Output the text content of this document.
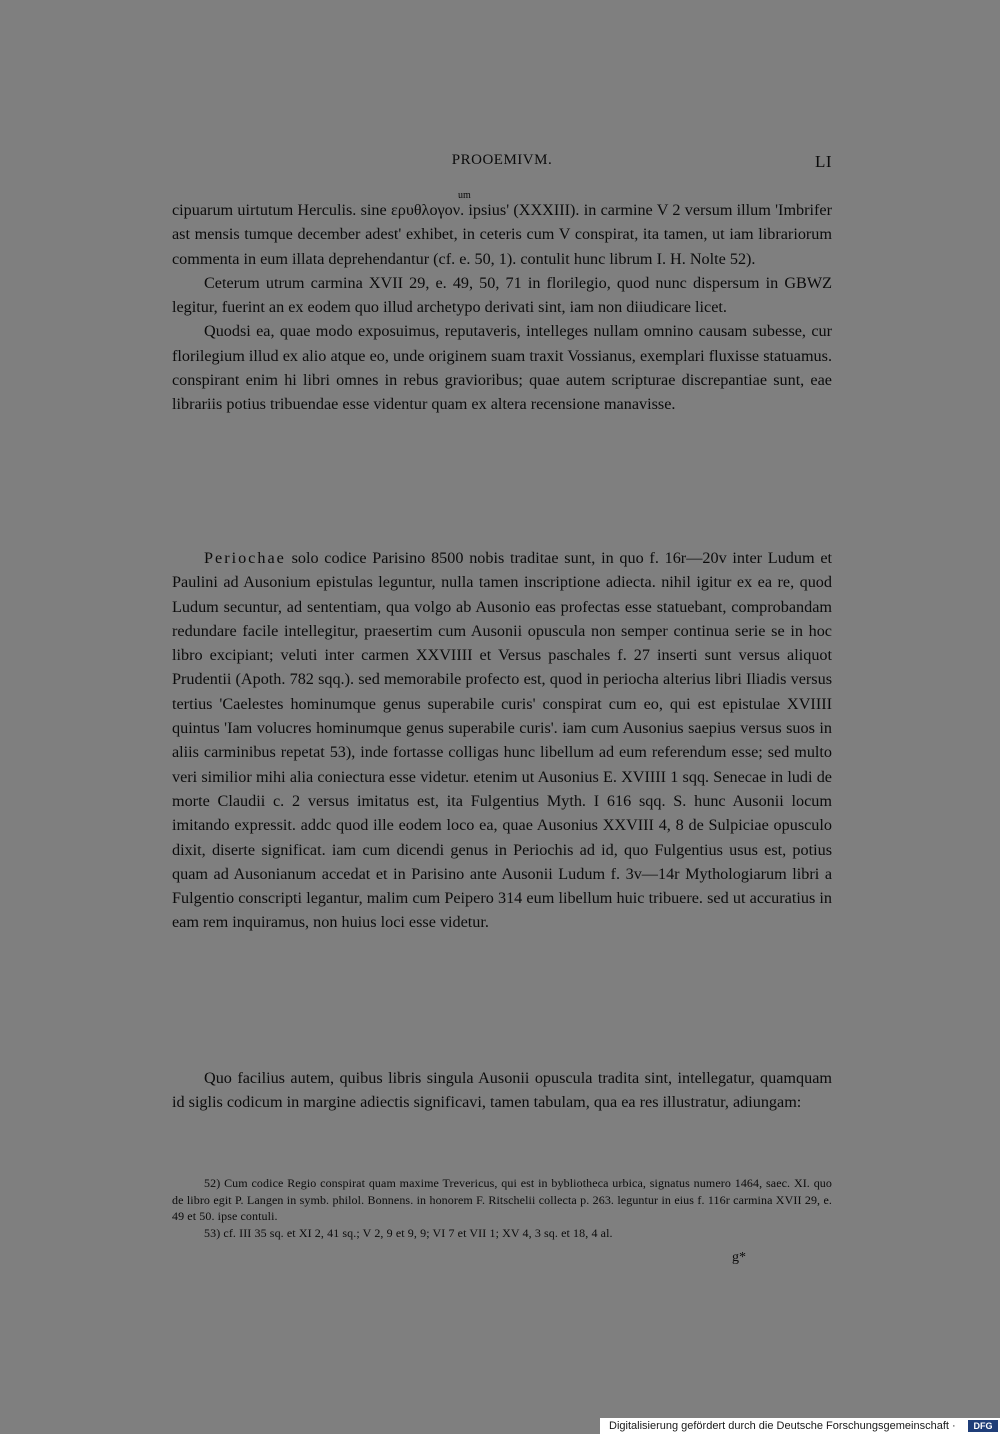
PROOEMIVM.	LI
um

cipuarum uirtutum Herculis. sine ερυθλογον. ipsius' (XXXIII). in carmine V 2 versum illum 'Imbrifer ast mensis tumque december adest' exhibet, in ceteris cum V conspirat, ita tamen, ut iam librariorum commenta in eum illata deprehendantur (cf. e. 50, 1). contulit hunc librum I. H. Nolte 52).

Ceterum utrum carmina XVII 29, e. 49, 50, 71 in florilegio, quod nunc dispersum in GBWZ legitur, fuerint an ex eodem quo illud archetypo derivati sint, iam non diiudicare licet.

Quodsi ea, quae modo exposuimus, reputaveris, intelleges nullam omnino causam subesse, cur florilegium illud ex alio atque eo, unde originem suam traxit Vossianus, exemplari fluxisse statuamus. conspirant enim hi libri omnes in rebus gravioribus; quae autem scripturae discrepantiae sunt, eae librariis potius tribuendae esse videntur quam ex altera recensione manavisse.

Periochae solo codice Parisino 8500 nobis traditae sunt, in quo f. 16r—20v inter Ludum et Paulini ad Ausonium epistulas leguntur, nulla tamen inscriptione adiecta. nihil igitur ex ea re, quod Ludum secuntur, ad sententiam, qua volgo ab Ausonio eas profectas esse statuebant, comprobandam redundare facile intellegitur, praesertim cum Ausonii opuscula non semper continua serie se in hoc libro excipiant; veluti inter carmen XXVIIII et Versus paschales f. 27 inserti sunt versus aliquot Prudentii (Apoth. 782 sqq.). sed memorabile profecto est, quod in periocha alterius libri Iliadis versus tertius 'Caelestes hominumque genus superabile curis' conspirat cum eo, qui est epistulae XVIIII quintus 'Iam volucres hominumque genus superabile curis'. iam cum Ausonius saepius versus suos in aliis carminibus repetat 53), inde fortasse colligas hunc libellum ad eum referendum esse; sed multo veri similior mihi alia coniectura esse videtur. etenim ut Ausonius E. XVIIII 1 sqq. Senecae in ludi de morte Claudii c. 2 versus imitatus est, ita Fulgentius Myth. I 616 sqq. S. hunc Ausonii locum imitando expressit. addc quod ille eodem loco ea, quae Ausonius XXVIII 4, 8 de Sulpiciae opusculo dixit, diserte significat. iam cum dicendi genus in Periochis ad id, quo Fulgentius usus est, potius quam ad Ausonianum accedat et in Parisino ante Ausonii Ludum f. 3v—14r Mythologiarum libri a Fulgentio conscripti legantur, malim cum Peipero 314 eum libellum huic tribuere. sed ut accuratius in eam rem inquiramus, non huius loci esse videtur.

Quo facilius autem, quibus libris singula Ausonii opuscula tradita sint, intellegatur, quamquam id siglis codicum in margine adiectis significavi, tamen tabulam, qua ea res illustratur, adiungam:

52) Cum codice Regio conspirat quam maxime Trevericus, qui est in bybliotheca urbica, signatus numero 1464, saec. XI. quo de libro egit P. Langen in symb. philol. Bonnens. in honorem F. Ritschelii collecta p. 263. leguntur in eius f. 116r carmina XVII 29, e. 49 et 50. ipse contuli.

53) cf. III 35 sq. et XI 2, 41 sq.; V 2, 9 et 9, 9; VI 7 et VII 1; XV 4, 3 sq. et 18, 4 al.

g*
Digitalisierung gefördert durch die Deutsche Forschungsgemeinschaft ·	DFG
